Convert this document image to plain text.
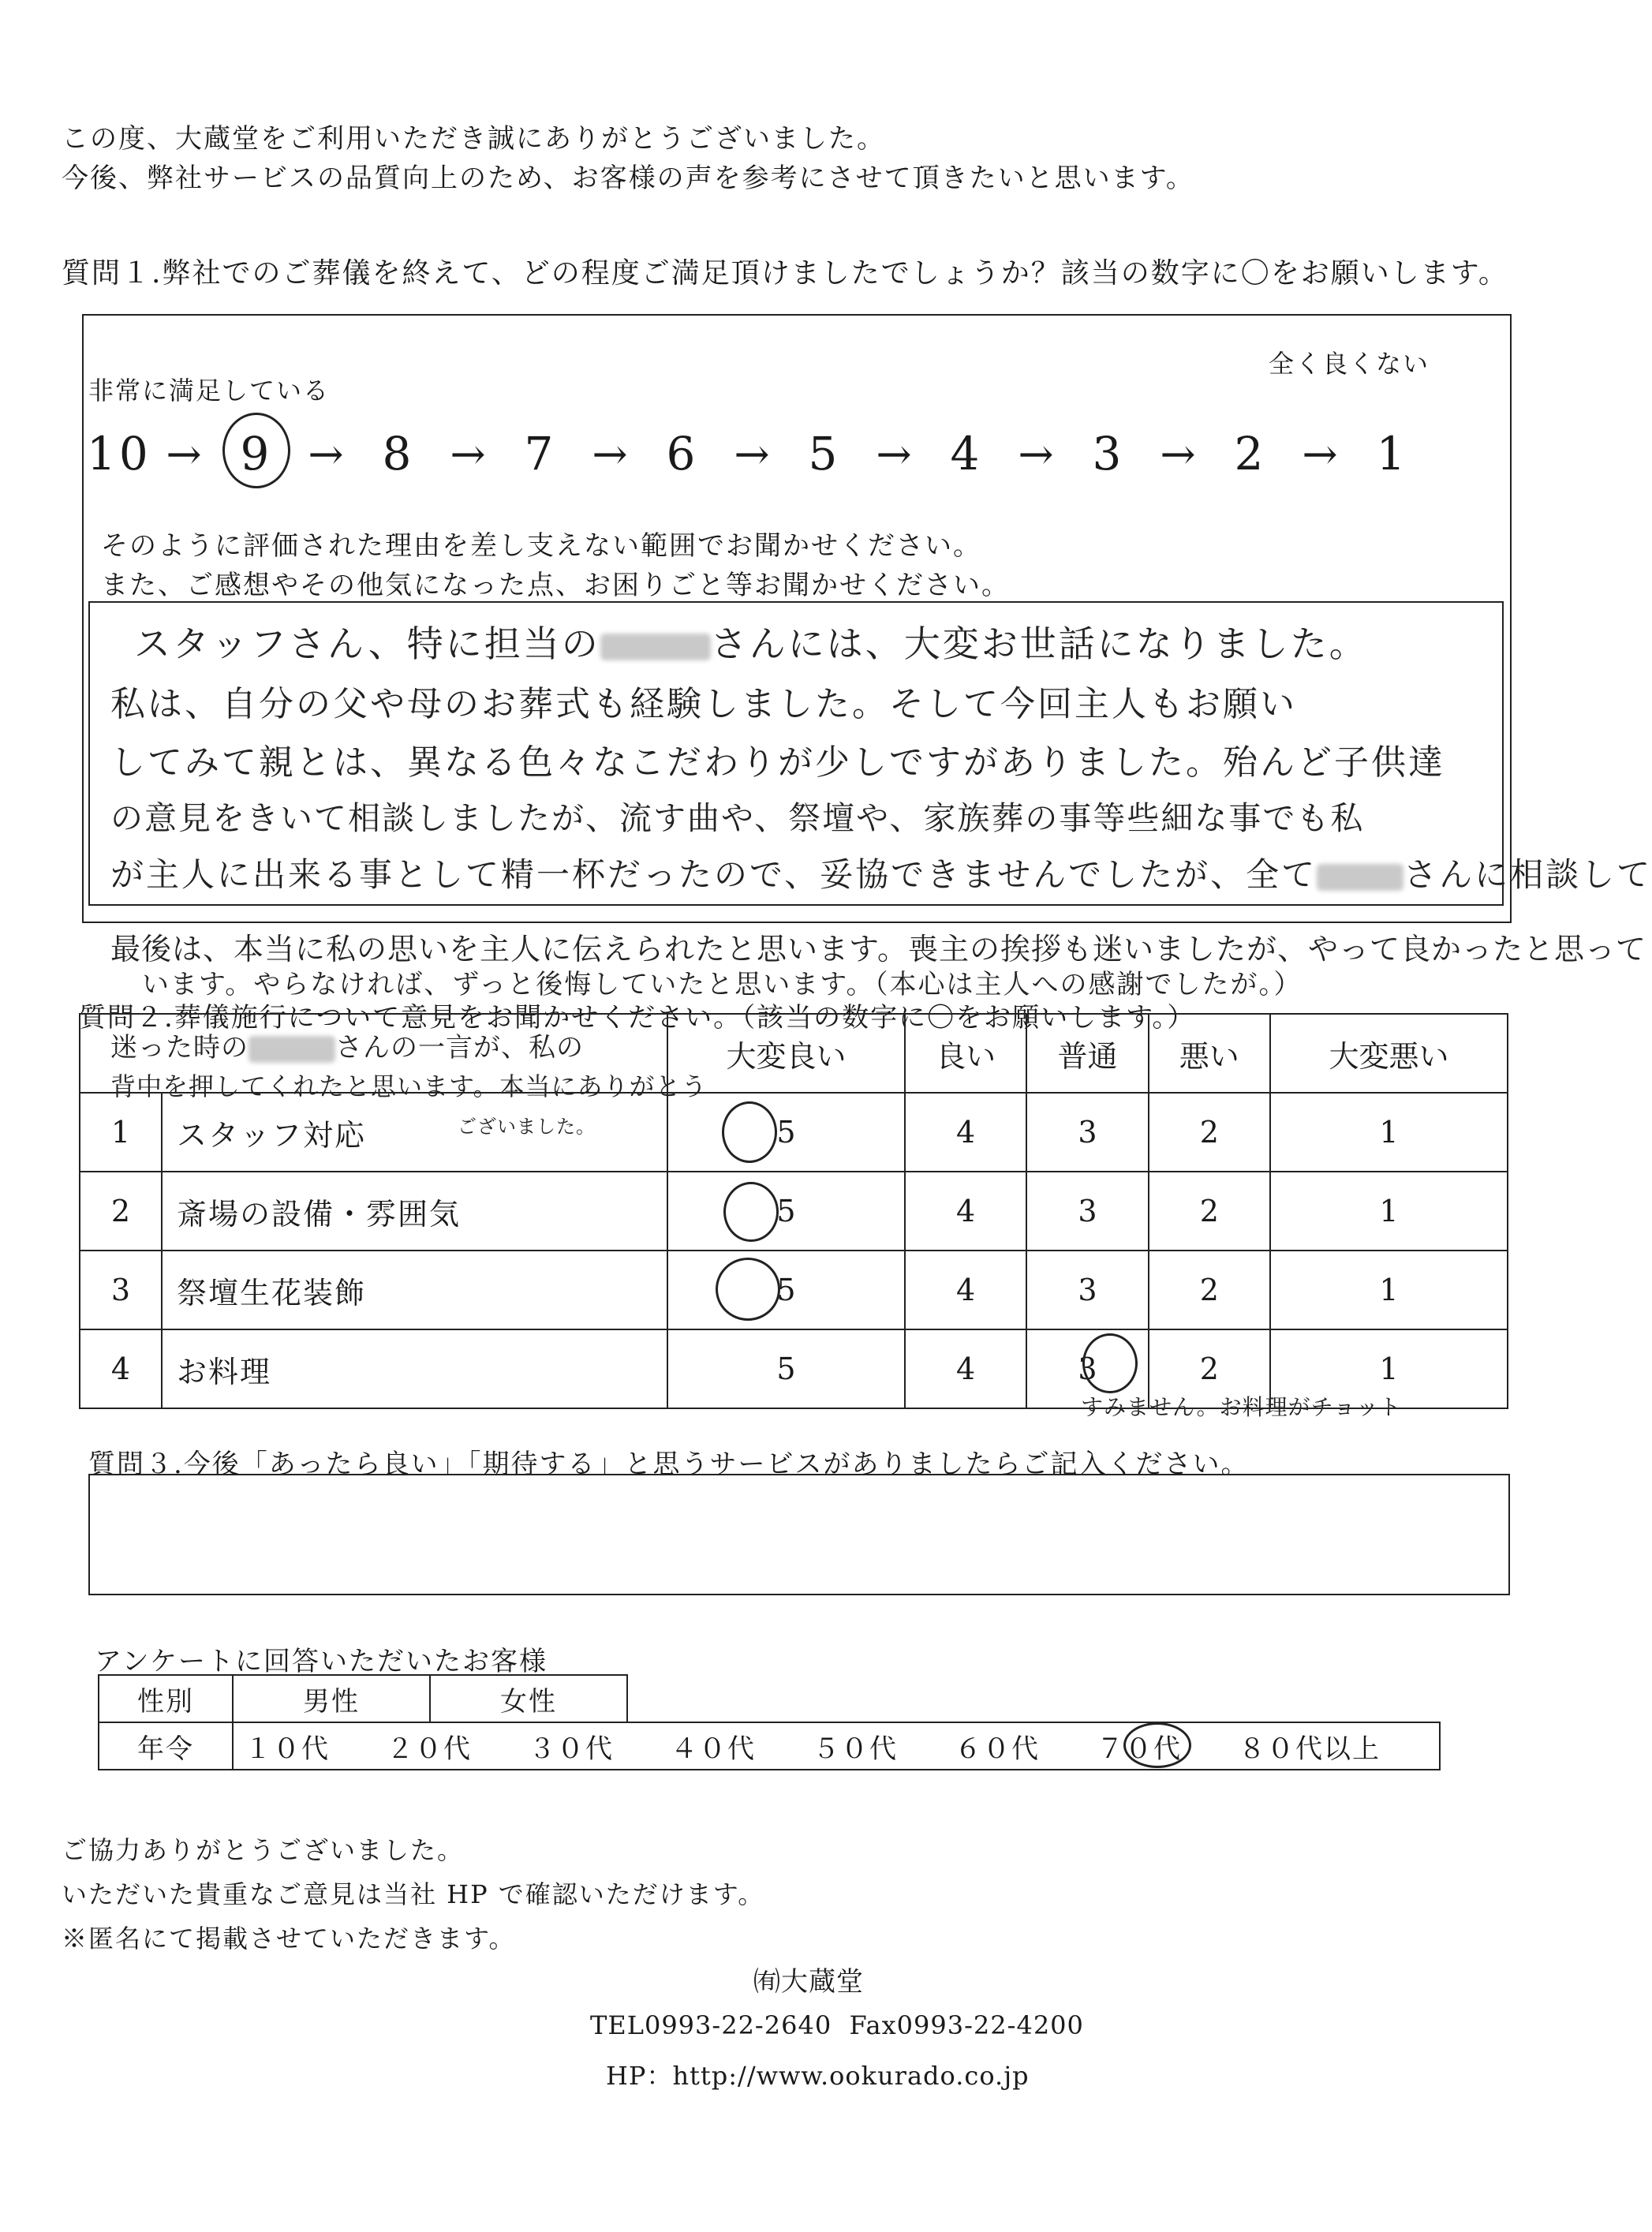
この度、大蔵堂をご利用いただき誠にありがとうございました。
今後、弊社サービスの品質向上のため、お客様の声を参考にさせて頂きたいと思います。
質問１.弊社でのご葬儀を終えて、どの程度ご満足頂けましたでしょうか？該当の数字に〇をお願いします。
非常に満足している
全く良くない
10 → 9 → 8 → 7 → 6 → 5 → 4 → 3 → 2 → 1
そのように評価された理由を差し支えない範囲でお聞かせください。
また、ご感想やその他気になった点、お困りごと等お聞かせください。
スタッフさん、特に担当の	さんには、大変お世話になりました。
私は、自分の父や母のお葬式も経験しました。そして今回主人もお願い
してみて親とは、異なる色々なこだわりが少しですがありました。殆んど子供達
の意見をきいて相談しましたが、流す曲や、祭壇や、家族葬の事等些細な事でも私
が主人に出来る事として精一杯だったので、妥協できませんでしたが、全て	さんに相談して
最後は、本当に私の思いを主人に伝えられたと思います。喪主の挨拶も迷いましたが、やって良かったと思って
います。やらなければ、ずっと後悔していたと思います。（本心は主人への感謝でしたが。）
質問２.葬儀施行について意見をお聞かせください。（該当の数字に〇をお願いします。）
		大変良い	良い	普通	悪い	大変悪い
1	スタッフ対応	5	4	3	2	1
2	斎場の設備・雰囲気	5	4	3	2	1
3	祭壇生花装飾	5	4	3	2	1
4	お料理	5	4	3	2	1
迷った時の	さんの一言が、私の
背中を押してくれたと思います。本当にありがとう
ございました。
すみません。お料理がチョット
質問３.今後「あったら良い」「期待する」と思うサービスがありましたらご記入ください。
アンケートに回答いただいたお客様
性別	男性	女性	
年令	１０代 ２０代 ３０代 ４０代 ５０代 ６０代 ７０代 ８０代以上		
ご協力ありがとうございました。
いただいた貴重なご意見は当社 HP で確認いただけます。
※匿名にて掲載させていただきます。
㈲大蔵堂
TEL0993-22-2640 Fax0993-22-4200
HP：http://www.ookurado.co.jp
